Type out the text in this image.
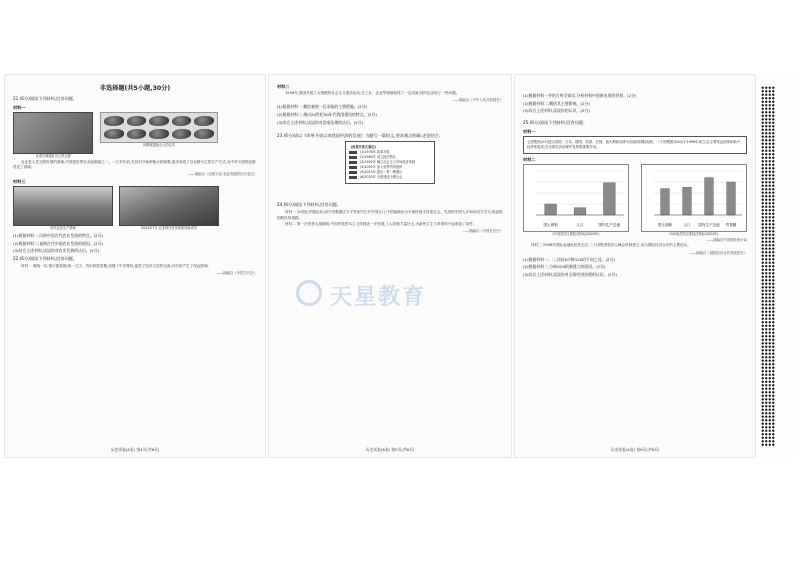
非选择题(共5小题,30分)
21.(6分)阅读下列材料,回答问题。
材料一
良渚古城遗址出土的玉器
河姆渡遗址出土的农具
农业是人类文明发展的基础,中国是世界农业起源地之一。一万多年前,先民们开始种植水稻和粟,逐步形成了以农耕为主的生产方式,为中华文明的起源奠定了基础。
——摘编自《农耕文化:农业发展的历史变迁》
材料三
现代农业生产基地	2024年7月,农业现代化发展取得新成效
(1)根据材料一,归纳中国古代农业发展的特点。(2分)
(2)根据材料二,说明古代中国农业发展的原因。(2分)
(3)结合上述材料,谈谈你对农业发展的认识。(2分)
22.(6分)阅读下列材料,回答问题。
材料一 秦统一后,推行郡县制,统一文字、货币和度量衡,加强了中央集权,促进了经济文化的交流,对后世产生了深远影响。
——摘编自《中国古代史》
历史试卷(A卷) 第4页(共6页)
材料二
1958年,我国开展了大规模的社会主义建设运动,在工业、农业等领域取得了一定成就,同时也出现了一些问题。
——摘编自《中华人民共和国史》
(1)根据材料一,概括秦统一后采取的主要措施。(2分)
(2)根据材料二,指出20世纪50年代我国建设的特点。(2分)
(3)综合上述材料,谈谈你对国家治理的认识。(2分)
23.(6分)请以《改革开放以来我国经济的发展》为题写一篇短文,要求观点明确,史论结合。
《改革开放大事记》
(1)1978年 改革开放
(2)1980年 设立经济特区
(3)1992年 确立社会主义市场经济体制
(4)2001年 加入世界贸易组织
(5)2013年 提出一带一路倡议
(6)2020年 全面建成小康社会
24.(6分)阅读下列材料,回答问题。
材料一 19世纪中期以后,西方列强通过不平等条约打开中国大门,中国逐渐沦为半殖民地半封建社会。先进的中国人开始向西方学习,探索救国救民的道路。
材料二 第一次世界大战期间,中国民族资本主义得到进一步发展,工人阶级力量壮大,为新民主主义革命的兴起准备了条件。
——摘编自《中国近代史》
历史试卷(A卷) 第5页(共6页)
天星教育
(1)根据材料一并结合所学知识,分析材料中现象出现的背景。(2分)
(2)根据材料二,概括其主要影响。(2分)
(3)综合上述材料,谈谈你的认识。(2分)
25.(6分)阅读下列材料,回答问题。
材料一
七国集团(G7)是由美国、日本、德国、英国、法国、意大利和加拿大组成的国际组织。二十国集团(G20)于1999年成立,由主要发达国家和新兴经济体组成,在全球经济治理中发挥着重要作用。
材料二
国土面积	人口	国内生产总值
G7成员国主要经济指标(2024年)
国土面积	人口 国内生产总值 贸易额
G20成员国主要经济指标(2024年)
——摘编自中国国家统计局
材料三 2008年国际金融危机发生后,二十国集团领导人峰会机制建立,成为国际经济合作的主要论坛。
——摘编自《国际经济合作发展报告》
(1)根据材料一、二,比较G7和G20的不同之处。(2分)
(2)根据材料三,分析G20机制建立的原因。(2分)
(3)综合上述材料,谈谈你对全球经济治理的认识。(2分)
历史试卷(A卷) 第6页(共6页)
